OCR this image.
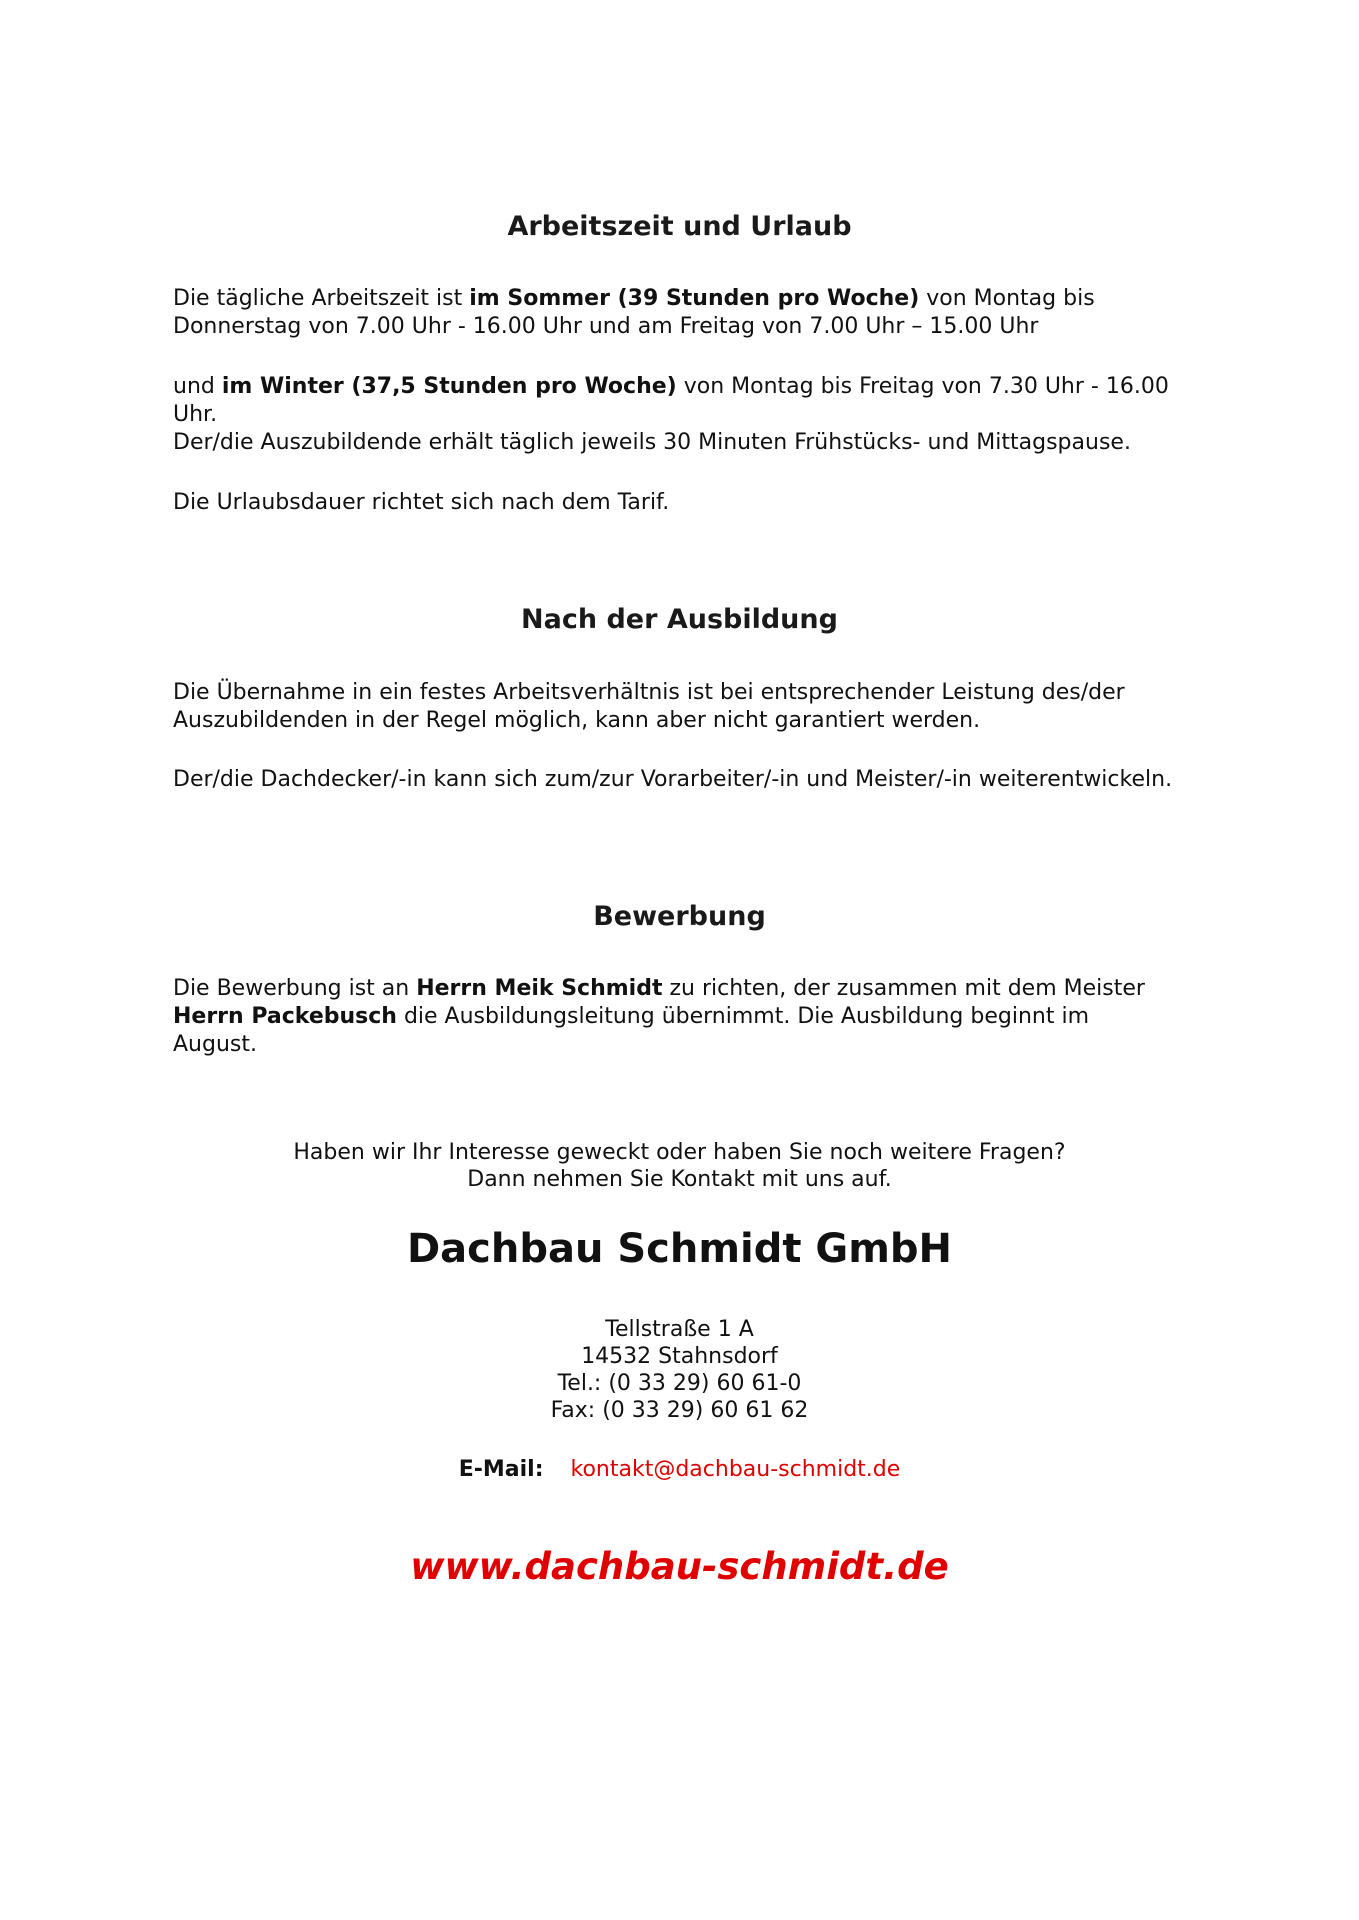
Arbeitszeit und Urlaub

Die tägliche Arbeitszeit ist im Sommer (39 Stunden pro Woche) von Montag bis Donnerstag von 7.00 Uhr - 16.00 Uhr und am Freitag von 7.00 Uhr – 15.00 Uhr

und im Winter (37,5 Stunden pro Woche) von Montag bis Freitag von 7.30 Uhr - 16.00 Uhr.
Der/die Auszubildende erhält täglich jeweils 30 Minuten Frühstücks- und Mittagspause.

Die Urlaubsdauer richtet sich nach dem Tarif.

Nach der Ausbildung

Die Übernahme in ein festes Arbeitsverhältnis ist bei entsprechender Leistung des/der Auszubildenden in der Regel möglich, kann aber nicht garantiert werden.

Der/die Dachdecker/-in kann sich zum/zur Vorarbeiter/-in und Meister/-in weiterentwickeln.

Bewerbung

Die Bewerbung ist an Herrn Meik Schmidt zu richten, der zusammen mit dem Meister Herrn Packebusch die Ausbildungsleitung übernimmt. Die Ausbildung beginnt im August.

Haben wir Ihr Interesse geweckt oder haben Sie noch weitere Fragen?
Dann nehmen Sie Kontakt mit uns auf.
Dachbau Schmidt GmbH
Tellstraße 1 A
14532 Stahnsdorf
Tel.: (0 33 29) 60 61-0
Fax: (0 33 29) 60 61 62
E-Mail: kontakt@dachbau-schmidt.de
www.dachbau-schmidt.de
